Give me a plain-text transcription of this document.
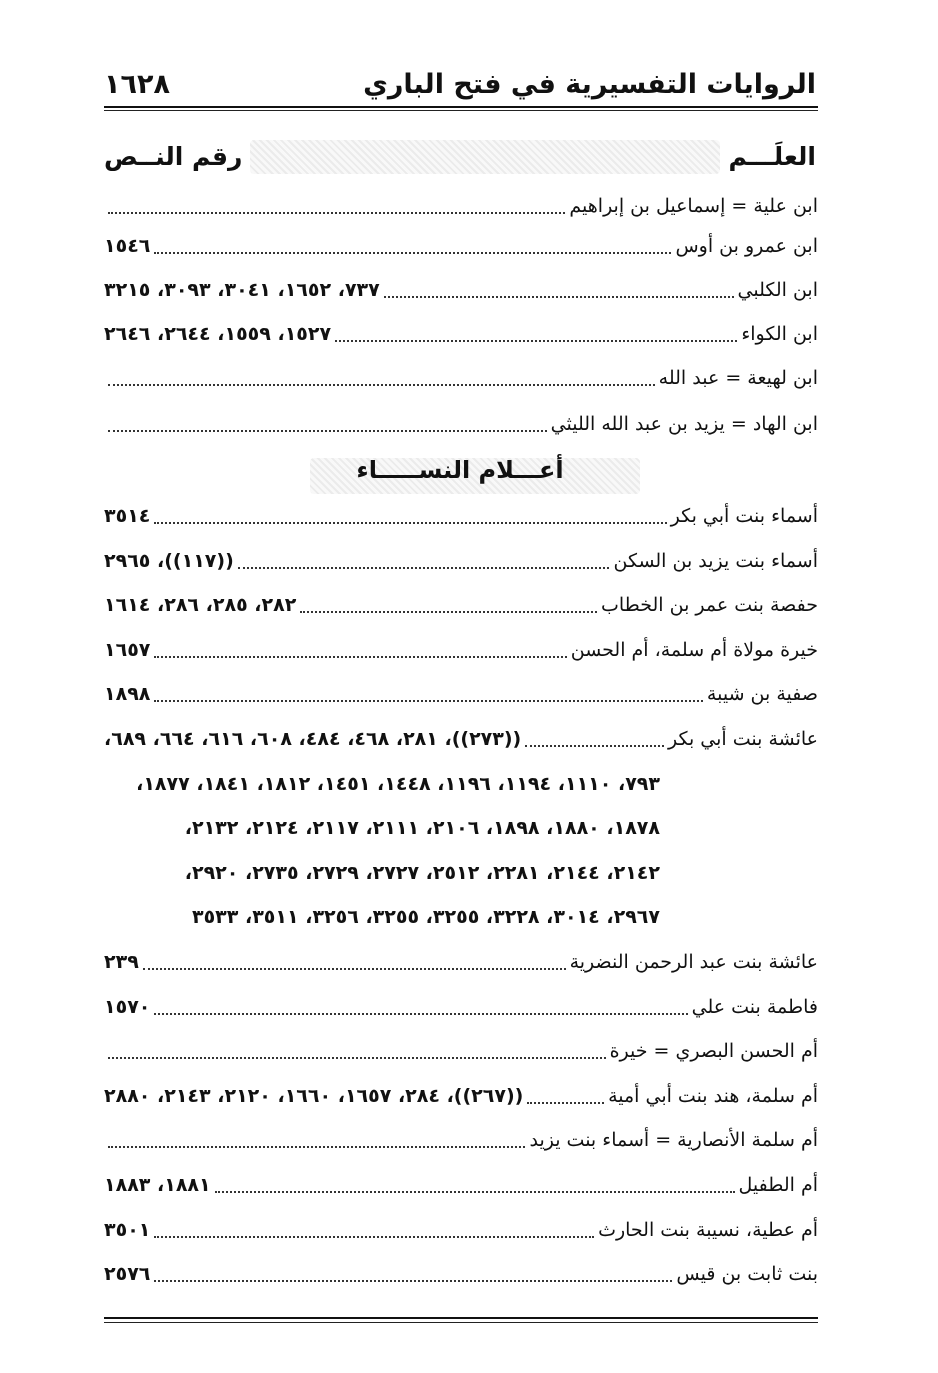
١٦٢٨	الروايات التفسيرية في فتح الباري
رقم النــص	العلَـــم
أعـــلام النســـــاء
ابن علية = إسماعيل بن إبراهيم
ابن عمرو بن أوس
١٥٤٦
ابن الكلبي
٧٣٧، ١٦٥٢، ٣٠٤١، ٣٠٩٣، ٣٢١٥
ابن الكواء
١٥٢٧، ١٥٥٩، ٢٦٤٤، ٢٦٤٦
ابن لهيعة = عبد الله
ابن الهاد = يزيد بن عبد الله الليثي
أسماء بنت أبي بكر
٣٥١٤
أسماء بنت يزيد بن السكن
((١١٧))، ٢٩٦٥
حفصة بنت عمر بن الخطاب
٢٨٢، ٢٨٥، ٢٨٦، ١٦١٤
خيرة مولاة أم سلمة، أم الحسن
١٦٥٧
صفية بن شيبة
١٨٩٨
عائشة بنت أبي بكر
((٢٧٣))، ٢٨١، ٤٦٨، ٤٨٤، ٦٠٨، ٦١٦، ٦٦٤، ٦٨٩،
٧٩٣، ١١١٠، ١١٩٤، ١١٩٦، ١٤٤٨، ١٤٥١، ١٨١٢، ١٨٤١، ١٨٧٧،
١٨٧٨، ١٨٨٠، ١٨٩٨، ٢١٠٦، ٢١١١، ٢١١٧، ٢١٢٤، ٢١٣٢،
٢١٤٢، ٢١٤٤، ٢٢٨١، ٢٥١٢، ٢٧٢٧، ٢٧٢٩، ٢٧٣٥، ٢٩٢٠،
٢٩٦٧، ٣٠١٤، ٣٢٢٨، ٣٢٥٥، ٣٢٥٥، ٣٢٥٦، ٣٥١١، ٣٥٣٣
عائشة بنت عبد الرحمن النضرية
٢٣٩
فاطمة بنت علي
١٥٧٠
أم الحسن البصري = خيرة
أم سلمة، هند بنت أبي أمية
((٢٦٧))، ٢٨٤، ١٦٥٧، ١٦٦٠، ٢١٢٠، ٢١٤٣، ٢٨٨٠
أم سلمة الأنصارية = أسماء بنت يزيد
أم الطفيل
١٨٨١، ١٨٨٣
أم عطية، نسيبة بنت الحارث
٣٥٠١
بنت ثابت بن قيس
٢٥٧٦
